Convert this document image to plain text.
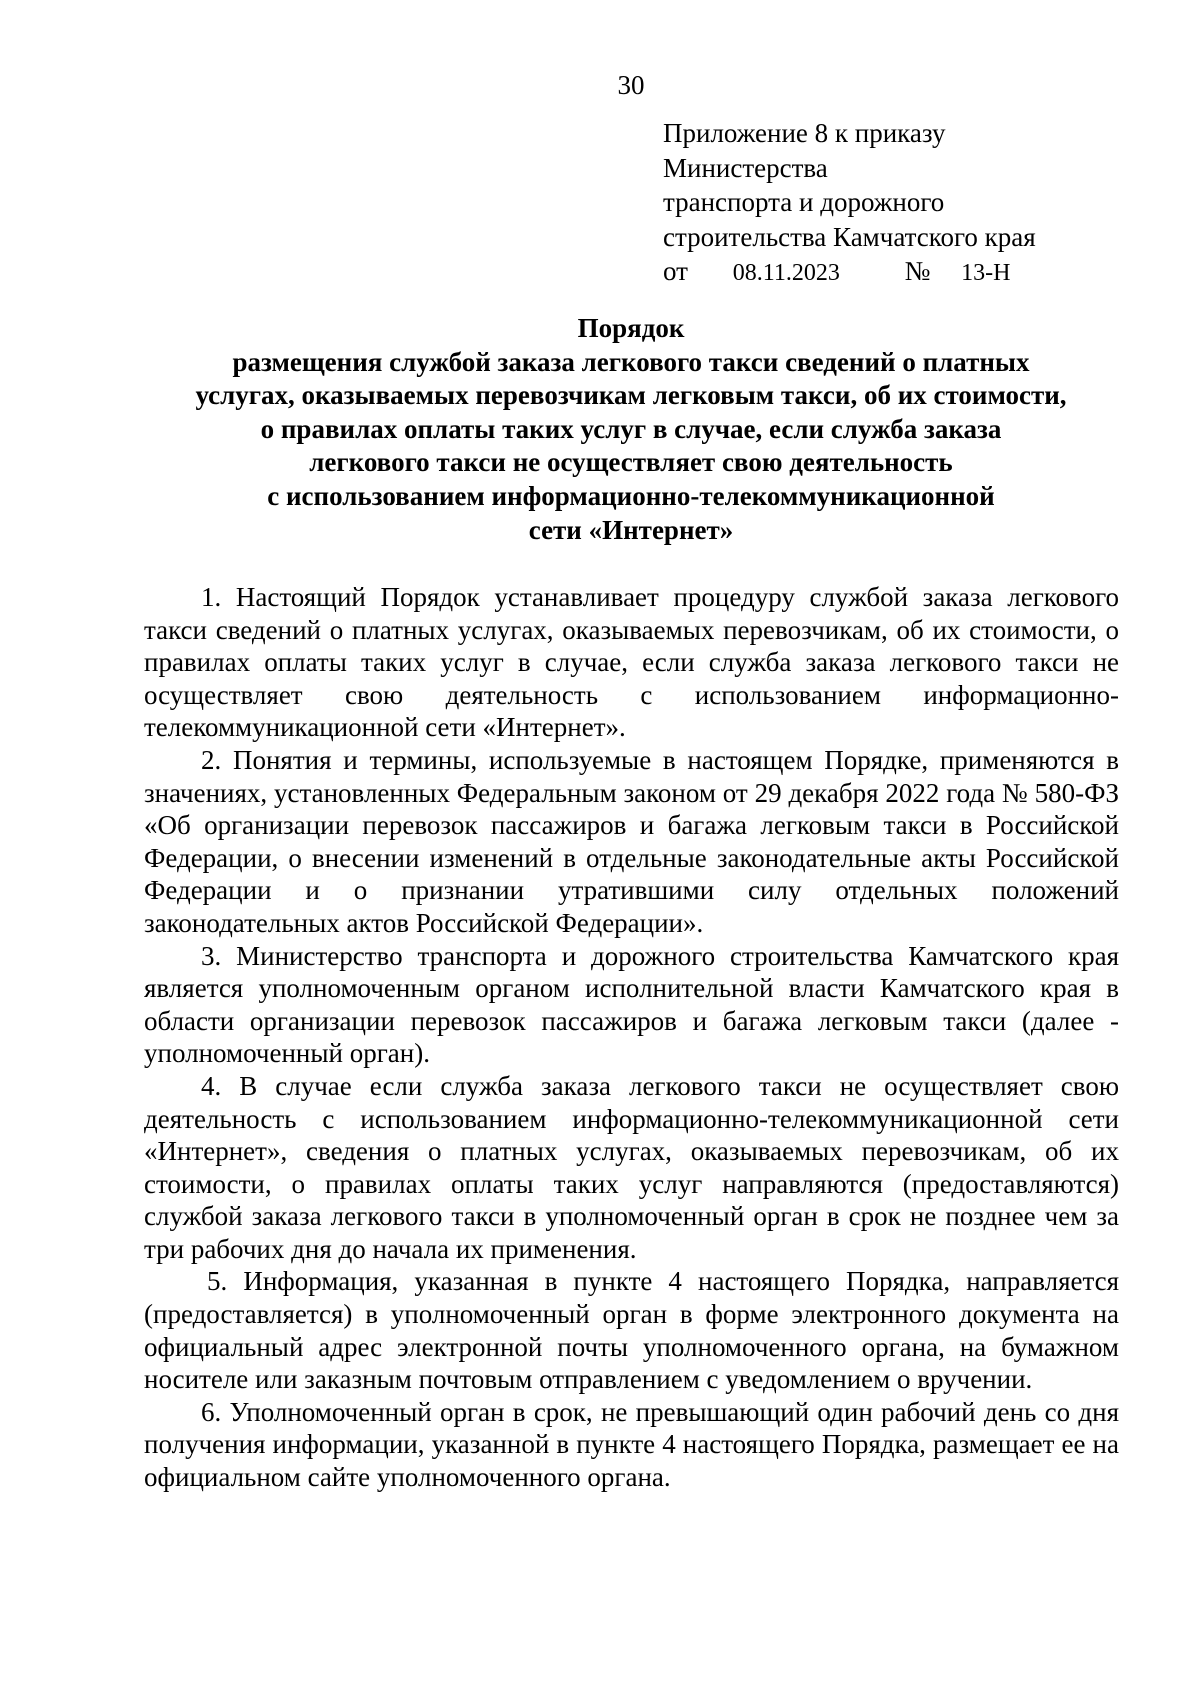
30
Приложение 8 к приказу
Министерства
транспорта и дорожного
строительства Камчатского края
от 08.11.2023 № 13-Н
Порядок
размещения службой заказа легкового такси сведений о платных
услугах, оказываемых перевозчикам легковым такси, об их стоимости,
о правилах оплаты таких услуг в случае, если служба заказа
легкового такси не осуществляет свою деятельность
с использованием информационно-телекоммуникационной
сети «Интернет»

1. Настоящий Порядок устанавливает процедуру службой заказа легкового такси сведений о платных услугах, оказываемых перевозчикам, об их стоимости, о правилах оплаты таких услуг в случае, если служба заказа легкового такси не осуществляет свою деятельность с использованием информационно-телекоммуникационной сети «Интернет».

2. Понятия и термины, используемые в настоящем Порядке, применяются в значениях, установленных Федеральным законом от 29 декабря 2022 года № 580-ФЗ «Об организации перевозок пассажиров и багажа легковым такси в Российской Федерации, о внесении изменений в отдельные законодательные акты Российской Федерации и о признании утратившими силу отдельных положений законодательных актов Российской Федерации».

3. Министерство транспорта и дорожного строительства Камчатского края является уполномоченным органом исполнительной власти Камчатского края в области организации перевозок пассажиров и багажа легковым такси (далее - уполномоченный орган).

4. В случае если служба заказа легкового такси не осуществляет свою деятельность с использованием информационно-телекоммуникационной сети «Интернет», сведения о платных услугах, оказываемых перевозчикам, об их стоимости, о правилах оплаты таких услуг направляются (предоставляются) службой заказа легкового такси в уполномоченный орган в срок не позднее чем за три рабочих дня до начала их применения.

5. Информация, указанная в пункте 4 настоящего Порядка, направляется (предоставляется) в уполномоченный орган в форме электронного документа на официальный адрес электронной почты уполномоченного органа, на бумажном носителе или заказным почтовым отправлением с уведомлением о вручении.

6. Уполномоченный орган в срок, не превышающий один рабочий день со дня получения информации, указанной в пункте 4 настоящего Порядка, размещает ее на официальном сайте уполномоченного органа.
